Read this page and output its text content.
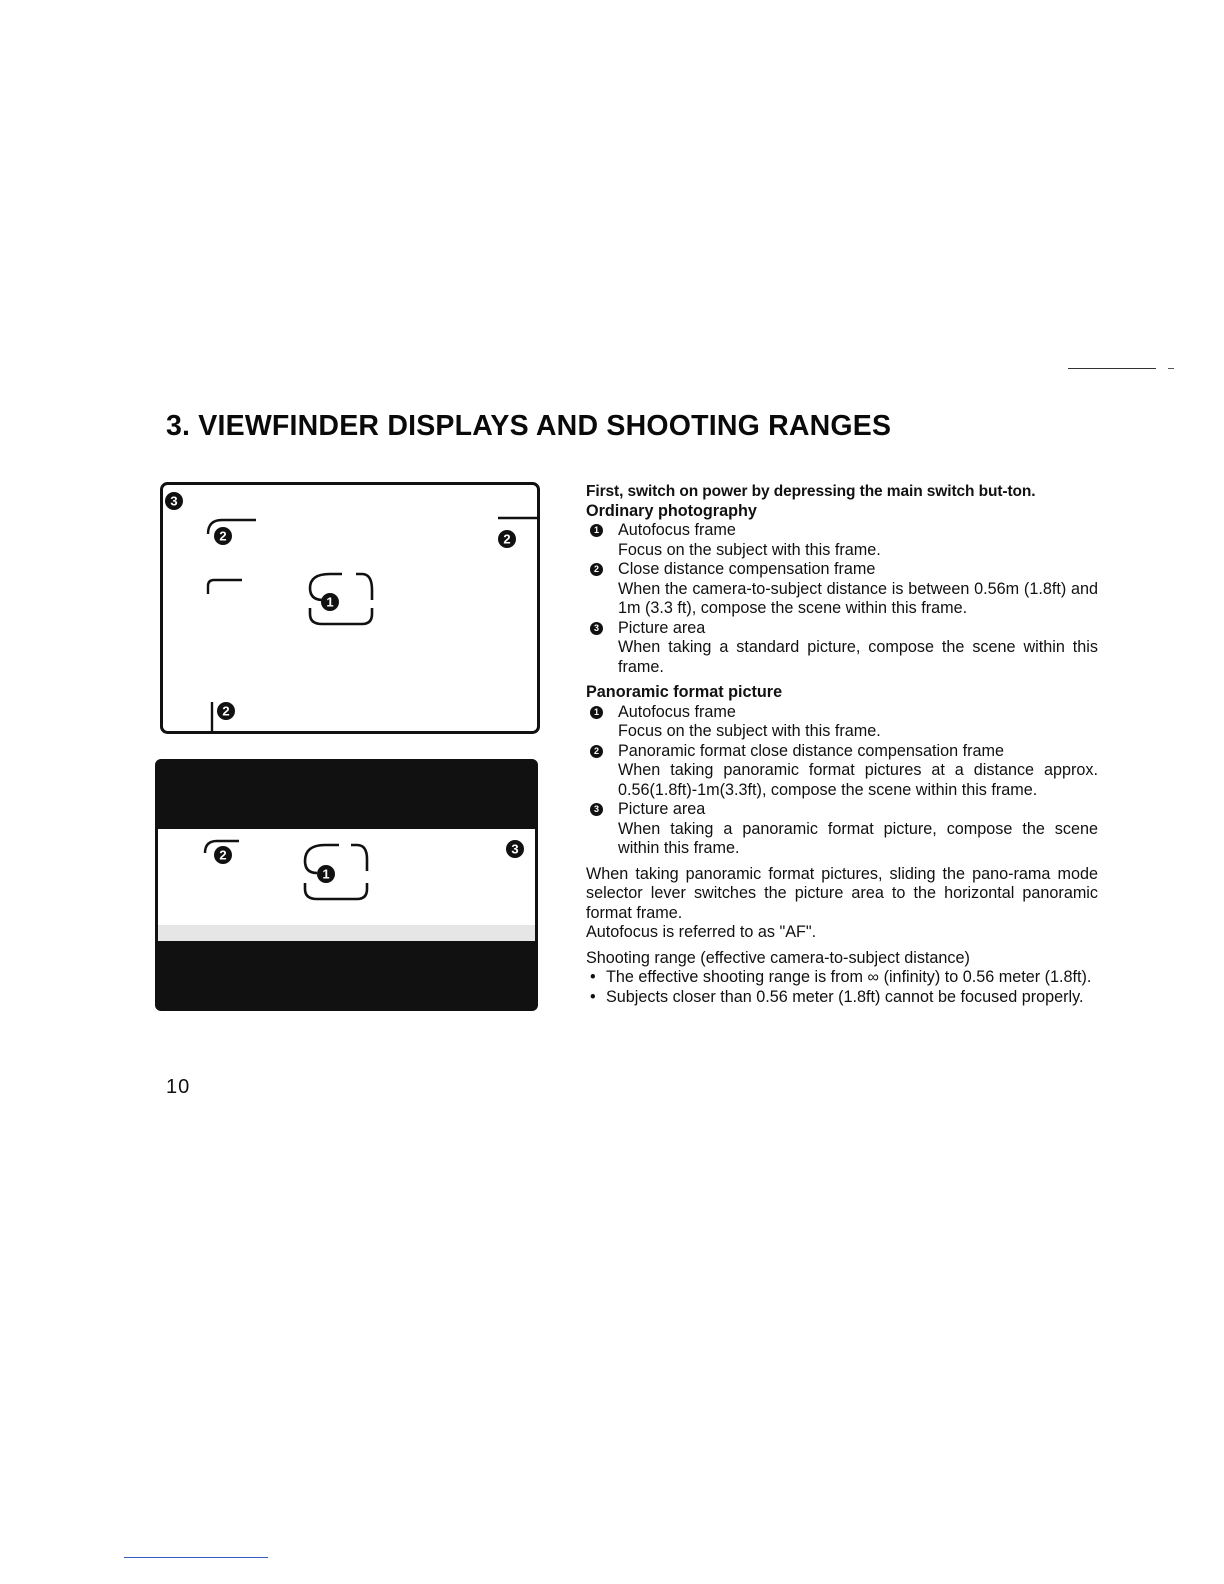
3. VIEWFINDER DISPLAYS AND SHOOTING RANGES
3
2	2
1
2
2
1
3
10

First, switch on power by depressing the main switch but-ton.

Ordinary photography

1 Autofocus frame

Focus on the subject with this frame.

2 Close distance compensation frame

When the camera-to-subject distance is between 0.56m (1.8ft) and 1m (3.3 ft), compose the scene within this frame.

3 Picture area

When taking a standard picture, compose the scene within this frame.

Panoramic format picture

1 Autofocus frame

Focus on the subject with this frame.

2 Panoramic format close distance compensation frame

When taking panoramic format pictures at a distance approx. 0.56(1.8ft)-1m(3.3ft), compose the scene within this frame.

3 Picture area

When taking a panoramic format picture, compose the scene within this frame.

When taking panoramic format pictures, sliding the pano-rama mode selector lever switches the picture area to the horizontal panoramic format frame.

Autofocus is referred to as "AF".

Shooting range (effective camera-to-subject distance)

• The effective shooting range is from ∞ (infinity) to 0.56 meter (1.8ft).

• Subjects closer than 0.56 meter (1.8ft) cannot be focused properly.
